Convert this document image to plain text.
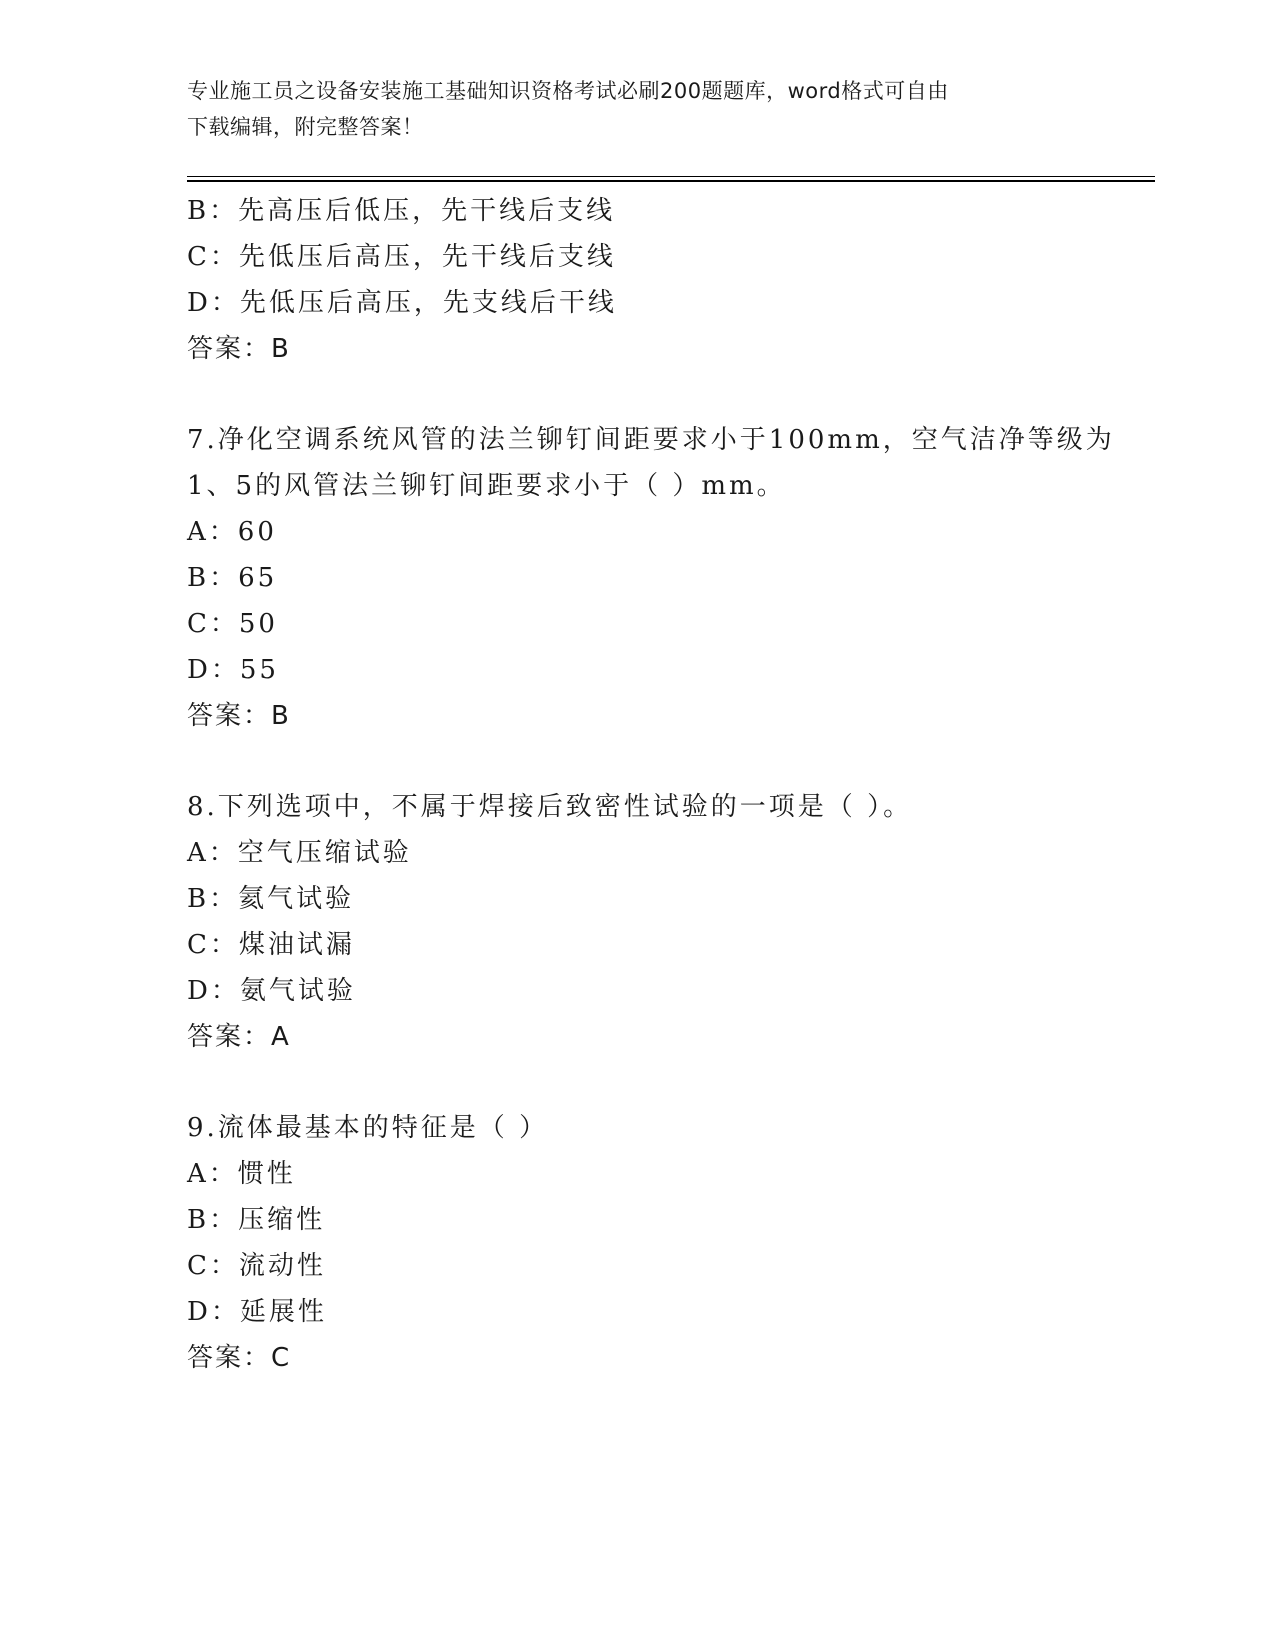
专业施工员之设备安装施工基础知识资格考试必刷200题题库，word格式可自由
下载编辑，附完整答案！
B：先高压后低压，先干线后支线
C：先低压后高压，先干线后支线
D：先低压后高压，先支线后干线
答案：B
7.净化空调系统风管的法兰铆钉间距要求小于100mm，空气洁净等级为
1、5的风管法兰铆钉间距要求小于（ ）mm。
A：60
B：65
C：50
D：55
答案：B
8.下列选项中，不属于焊接后致密性试验的一项是（ ）。
A：空气压缩试验
B：氦气试验
C：煤油试漏
D：氨气试验
答案：A
9.流体最基本的特征是（ ）
A：惯性
B：压缩性
C：流动性
D：延展性
答案：C
